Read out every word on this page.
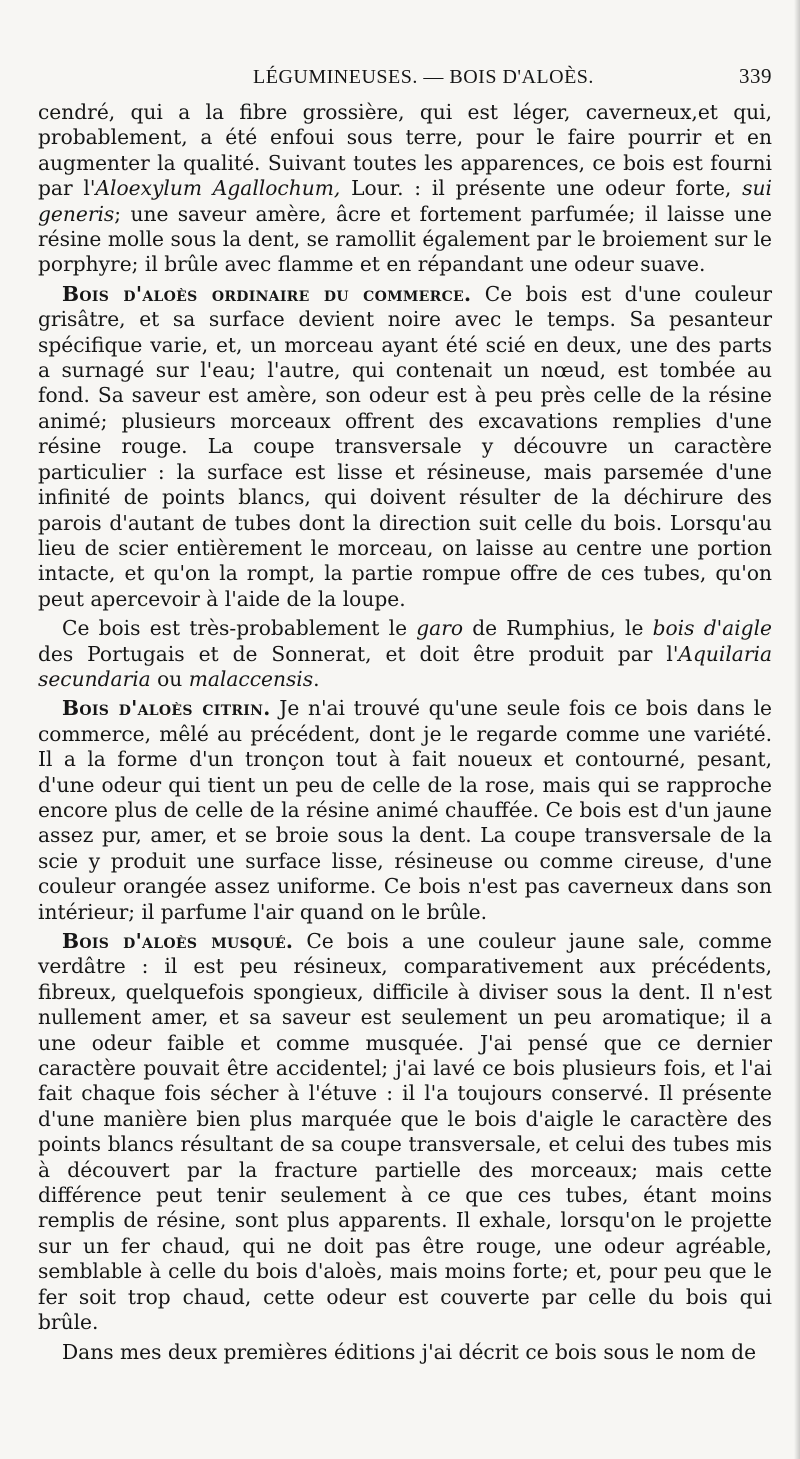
LÉGUMINEUSES. — BOIS D'ALOÈS.	339

cendré, qui a la fibre grossière, qui est léger, caverneux,et qui, probablement, a été enfoui sous terre, pour le faire pourrir et en augmenter la qualité. Suivant toutes les apparences, ce bois est fourni par l'Aloexylum Agallochum, Lour. : il présente une odeur forte, sui generis; une saveur amère, âcre et fortement parfumée; il laisse une résine molle sous la dent, se ramollit également par le broiement sur le porphyre; il brûle avec flamme et en répandant une odeur suave.

Bois d'aloès ordinaire du commerce. Ce bois est d'une couleur grisâtre, et sa surface devient noire avec le temps. Sa pesanteur spécifique varie, et, un morceau ayant été scié en deux, une des parts a surnagé sur l'eau; l'autre, qui contenait un nœud, est tombée au fond. Sa saveur est amère, son odeur est à peu près celle de la résine animé; plusieurs morceaux offrent des excavations remplies d'une résine rouge. La coupe transversale y découvre un caractère particulier : la surface est lisse et résineuse, mais parsemée d'une infinité de points blancs, qui doivent résulter de la déchirure des parois d'autant de tubes dont la direction suit celle du bois. Lorsqu'au lieu de scier entièrement le morceau, on laisse au centre une portion intacte, et qu'on la rompt, la partie rompue offre de ces tubes, qu'on peut apercevoir à l'aide de la loupe.

Ce bois est très-probablement le garo de Rumphius, le bois d'aigle des Portugais et de Sonnerat, et doit être produit par l'Aquilaria secundaria ou malaccensis.

Bois d'aloès citrin. Je n'ai trouvé qu'une seule fois ce bois dans le commerce, mêlé au précédent, dont je le regarde comme une variété. Il a la forme d'un tronçon tout à fait noueux et contourné, pesant, d'une odeur qui tient un peu de celle de la rose, mais qui se rapproche encore plus de celle de la résine animé chauffée. Ce bois est d'un jaune assez pur, amer, et se broie sous la dent. La coupe transversale de la scie y produit une surface lisse, résineuse ou comme cireuse, d'une couleur orangée assez uniforme. Ce bois n'est pas caverneux dans son intérieur; il parfume l'air quand on le brûle.

Bois d'aloès musqué. Ce bois a une couleur jaune sale, comme verdâtre : il est peu résineux, comparativement aux précédents, fibreux, quelquefois spongieux, difficile à diviser sous la dent. Il n'est nullement amer, et sa saveur est seulement un peu aromatique; il a une odeur faible et comme musquée. J'ai pensé que ce dernier caractère pouvait être accidentel; j'ai lavé ce bois plusieurs fois, et l'ai fait chaque fois sécher à l'étuve : il l'a toujours conservé. Il présente d'une manière bien plus marquée que le bois d'aigle le caractère des points blancs résultant de sa coupe transversale, et celui des tubes mis à découvert par la fracture partielle des morceaux; mais cette différence peut tenir seulement à ce que ces tubes, étant moins remplis de résine, sont plus apparents. Il exhale, lorsqu'on le projette sur un fer chaud, qui ne doit pas être rouge, une odeur agréable, semblable à celle du bois d'aloès, mais moins forte; et, pour peu que le fer soit trop chaud, cette odeur est couverte par celle du bois qui brûle.

Dans mes deux premières éditions j'ai décrit ce bois sous le nom de
